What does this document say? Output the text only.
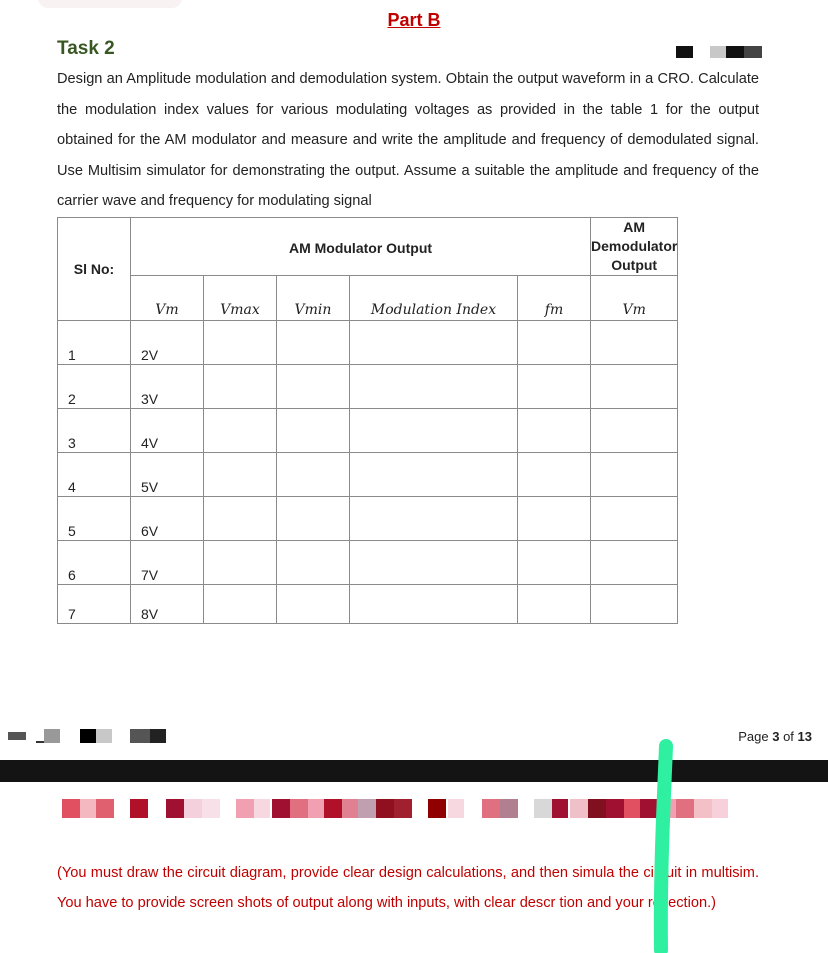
Part B
Task 2
Design an Amplitude modulation and demodulation system. Obtain the output waveform in a CRO. Calculate the modulation index values for various modulating voltages as provided in the table 1 for the output obtained for the AM modulator and measure and write the amplitude and frequency of demodulated signal. Use Multisim simulator for demonstrating the output. Assume a suitable the amplitude and frequency of the carrier wave and frequency for modulating signal
Sl No:	AM Modulator Output					AM Demodulator Output
	Vm	Vmax	Vmin	Modulation Index	fm	Vm
1	2V					
2	3V					
3	4V					
4	5V					
5	6V					
6	7V					
7	8V					
Page 3 of 13
(You must draw the circuit diagram, provide clear design calculations, and then simula the circuit in multisim. You have to provide screen shots of output along with inputs, with clear descr tion and your reflection.)
